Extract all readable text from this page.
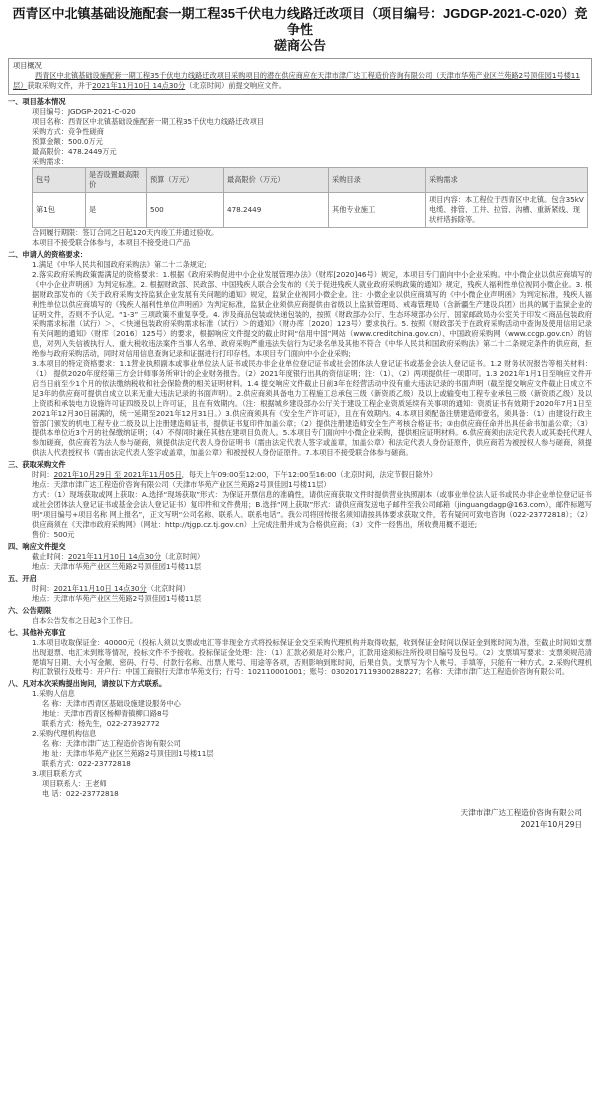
西青区中北镇基础设施配套一期工程35千伏电力线路迁改项目（项目编号：JGDGP-2021-C-020）竞争性
磋商公告
项目概况
西青区中北镇基础设施配套一期工程35千伏电力线路迁改项目采购项目的潜在供应商应在天津市津广达工程造价咨询有限公司（天津市华苑产业区兰苑路2号顶佳园1号楼11层）获取采购文件，并于2021年11月10日 14点30分（北京时间）前提交响应文件。
一、项目基本情况
项目编号：JGDGP-2021-C-020
项目名称：西青区中北镇基础设施配套一期工程35千伏电力线路迁改项目
采购方式：竞争性磋商
预算金额：500.0万元
最高限价：478.2449万元
采购需求：
包号	是否设置最高限价	预算（万元）	最高限价（万元）	采购目录	采购需求
第1包	是	500	478.2449	其他专业施工	项目内容：本工程位于西青区中北镇。包含35kV电缆、排管、工井、拉管、沟槽、重新紧线、现状杆塔拆除等。
合同履行期限：签订合同之日起120天内竣工并通过验收。
本项目不接受联合体参与，本项目不接受进口产品
二、申请人的资格要求：
1.满足《中华人民共和国政府采购法》第二十二条规定;
2.落实政府采购政策需满足的资格要求：1.根据《政府采购促进中小企业发展管理办法》（财库[2020]46号）规定，本项目专门面向中小企业采购。中小微企业以供应商填写的《中小企业声明函》为判定标准。2. 根据财政部、民政部、中国残疾人联合会发布的《关于促进残疾人就业政府采购政策的通知》规定，残疾人福利性单位视同小微企业。3. 根据财政部发布的《关于政府采购支持监狱企业发展有关问题的通知》规定，监狱企业视同小微企业。注：小微企业以供应商填写的《中小微企业声明函》为判定标准，残疾人福利性单位以供应商填写的《残疾人福利性单位声明函》为判定标准，监狱企业须供应商提供由省级以上监狱管理局、戒毒管理局（含新疆生产建设兵团）出具的属于监狱企业的证明文件，否则不予认定。“1-3” 三项政策不重复享受。4. 涉及商品包装或快递包装的，按照《财政部办公厅、生态环境部办公厅、国家邮政局办公室关于印发＜商品包装政府采购需求标准（试行）＞、＜快递包装政府采购需求标准（试行）＞的通知》（财办库〔2020〕123号）要求执行。5. 按照《财政部关于在政府采购活动中查询及使用信用记录有关问题的通知》（财库〔2016〕125号）的要求，根据响应文件提交的截止时间“信用中国”网站（www.creditchina.gov.cn）、中国政府采购网（www.ccgp.gov.cn）的信息，对列入失信被执行人、重大税收违法案件当事人名单、政府采购严重违法失信行为记录名单及其他不符合《中华人民共和国政府采购法》第二十二条规定条件的供应商，拒绝参与政府采购活动，同时对信用信息查询记录和证据进行打印存档。本项目专门面向中小企业采购;
3.本项目的特定资格要求：1.1营业执照副本或事业单位法人证书或民办非企业单位登记证书或社会团体法人登记证书或基金会法人登记证书。1.2 财务状况报告等相关材料：（1） 提供2020年度经第三方会计师事务所审计的企业财务报告。（2）2021年度银行出具的资信证明；注：（1）、（2）两项提供任一项即可。1.3 2021年1月1日至响应文件开启当日前至少1个月的依法缴纳税收和社会保险费的相关证明材料。1.4 提交响应文件截止日前3年在经营活动中没有重大违法记录的书面声明（截至提交响应文件截止日成立不足3年的供应商可提供自成立以来无重大违法记录的书面声明）。2.供应商须具备电力工程施工总承包三级（新资质乙级）及以上或输变电工程专业承包三级（新资质乙级）及以上资质和承装电力设施许可证四级及以上许可证，且在有效期内。（注：根据城乡建设部办公厅关于建设工程企业资质延续有关事项的通知：资质证书有效期于2020年7月1日至2021年12月30日届满的，统一延期至2021年12月31日。）3.供应商须具有《安全生产许可证》，且在有效期内。4.本项目须配备注册建造师壹名，须具备：（1）由建设行政主管部门颁发的机电工程专业二级及以上注册建造师证书，提供证书复印件加盖公章；（2）提供注册建造师安全生产考核合格证书；③由供应商任命并出具任命书加盖公章；（3）提供本单位近3个月的社保缴纳证明；（4）不得同时兼任其他在建项目负责人。5.本项目专门面向中小微企业采购，提供相应证明材料。6.供应商须由法定代表人或其委托代理人参加磋商，供应商若为法人参与磋商，须提供法定代表人身份证明书（需由法定代表人签字或盖章，加盖公章）和法定代表人身份证原件，供应商若为被授权人参与磋商，须提供法人代表授权书（需由法定代表人签字或盖章，加盖公章）和被授权人身份证原件。7.本项目不接受联合体参与磋商。
三、获取采购文件
时间：2021年10月29日 至 2021年11月05日，每天上午09:00至12:00，下午12:00至16:00（北京时间，法定节假日除外）
地点：天津市津广达工程造价咨询有限公司（天津市华苑产业区兰苑路2号顶佳园1号楼11层）
方式：（1）现场获取或网上获取：A.选择“现场获取”形式：为保证开票信息的准确性，请供应商获取文件时提供营业执照副本（或事业单位法人证书或民办非企业单位登记证书或社会团体法人登记证书或基金会法人登记证书）复印件和文件费用；B.选择“网上获取”形式：请供应商发送电子邮件至我公司邮箱（jinguangdagp@163.com），邮件标题写明“项目编号+项目名称 网上报名”，正文写明“公司名称、联系人、联系电话”。我公司将回传报名须知请按具体要求获取文件，若有疑问可致电咨询（022-23772818）；（2）供应商须在《天津市政府采购网》（网址：http://tjgp.cz.tj.gov.cn）上完成注册并成为合格供应商；（3）文件一经售出，所收费用概不退还;
售价：500元
四、响应文件提交
截止时间：2021年11月10日 14点30分（北京时间）
地点：天津市华苑产业区兰苑路2号顶佳园1号楼11层
五、开启
时间：2021年11月10日 14点30分（北京时间）
地点：天津市华苑产业区兰苑路2号顶佳园1号楼11层
六、公告期限
自本公告发布之日起3个工作日。
七、其他补充事宜
1.本项目收取保证金：40000元（投标人须以支票或电汇等非现金方式将投标保证金交至采购代理机构并取得收据，收到保证金时间以保证金到账时间为准，至截止时间如支票出现退票、电汇未到账等情况，投标文件不予接收。投标保证金处理：注：（1）汇款必须是对公账户，汇款用途须标注所投项目编号及包号。（2）支票填写要求：支票须规范清楚填写日期、大小写金额、密码、行号、付款行名称、出票人账号、用途等各项，否则影响到账时间，后果自负。支票写为个人帐号、手填等，只能有一种方式。2.采购代理机构汇款银行及账号：开户行：中国工商银行天津市华苑支行；行号：102110001001；账号：0302017119300288227；名称：天津市津广达工程造价咨询有限公司。
八、凡对本次采购提出询问，请按以下方式联系。
1.采购人信息
名 称：天津市西青区基础设施建设服务中心
地址：天津市西青区杨柳青镇柳口路8号
联系方式：杨先生，022-27392772
2.采购代理机构信息
名 称：天津市津广达工程造价咨询有限公司
地 址：天津市华苑产业区兰苑路2号顶佳园1号楼11层
联系方式：022-23772818
3.项目联系方式
项目联系人：王老师
电 话：022-23772818
天津市津广达工程造价咨询有限公司
2021年10月29日
